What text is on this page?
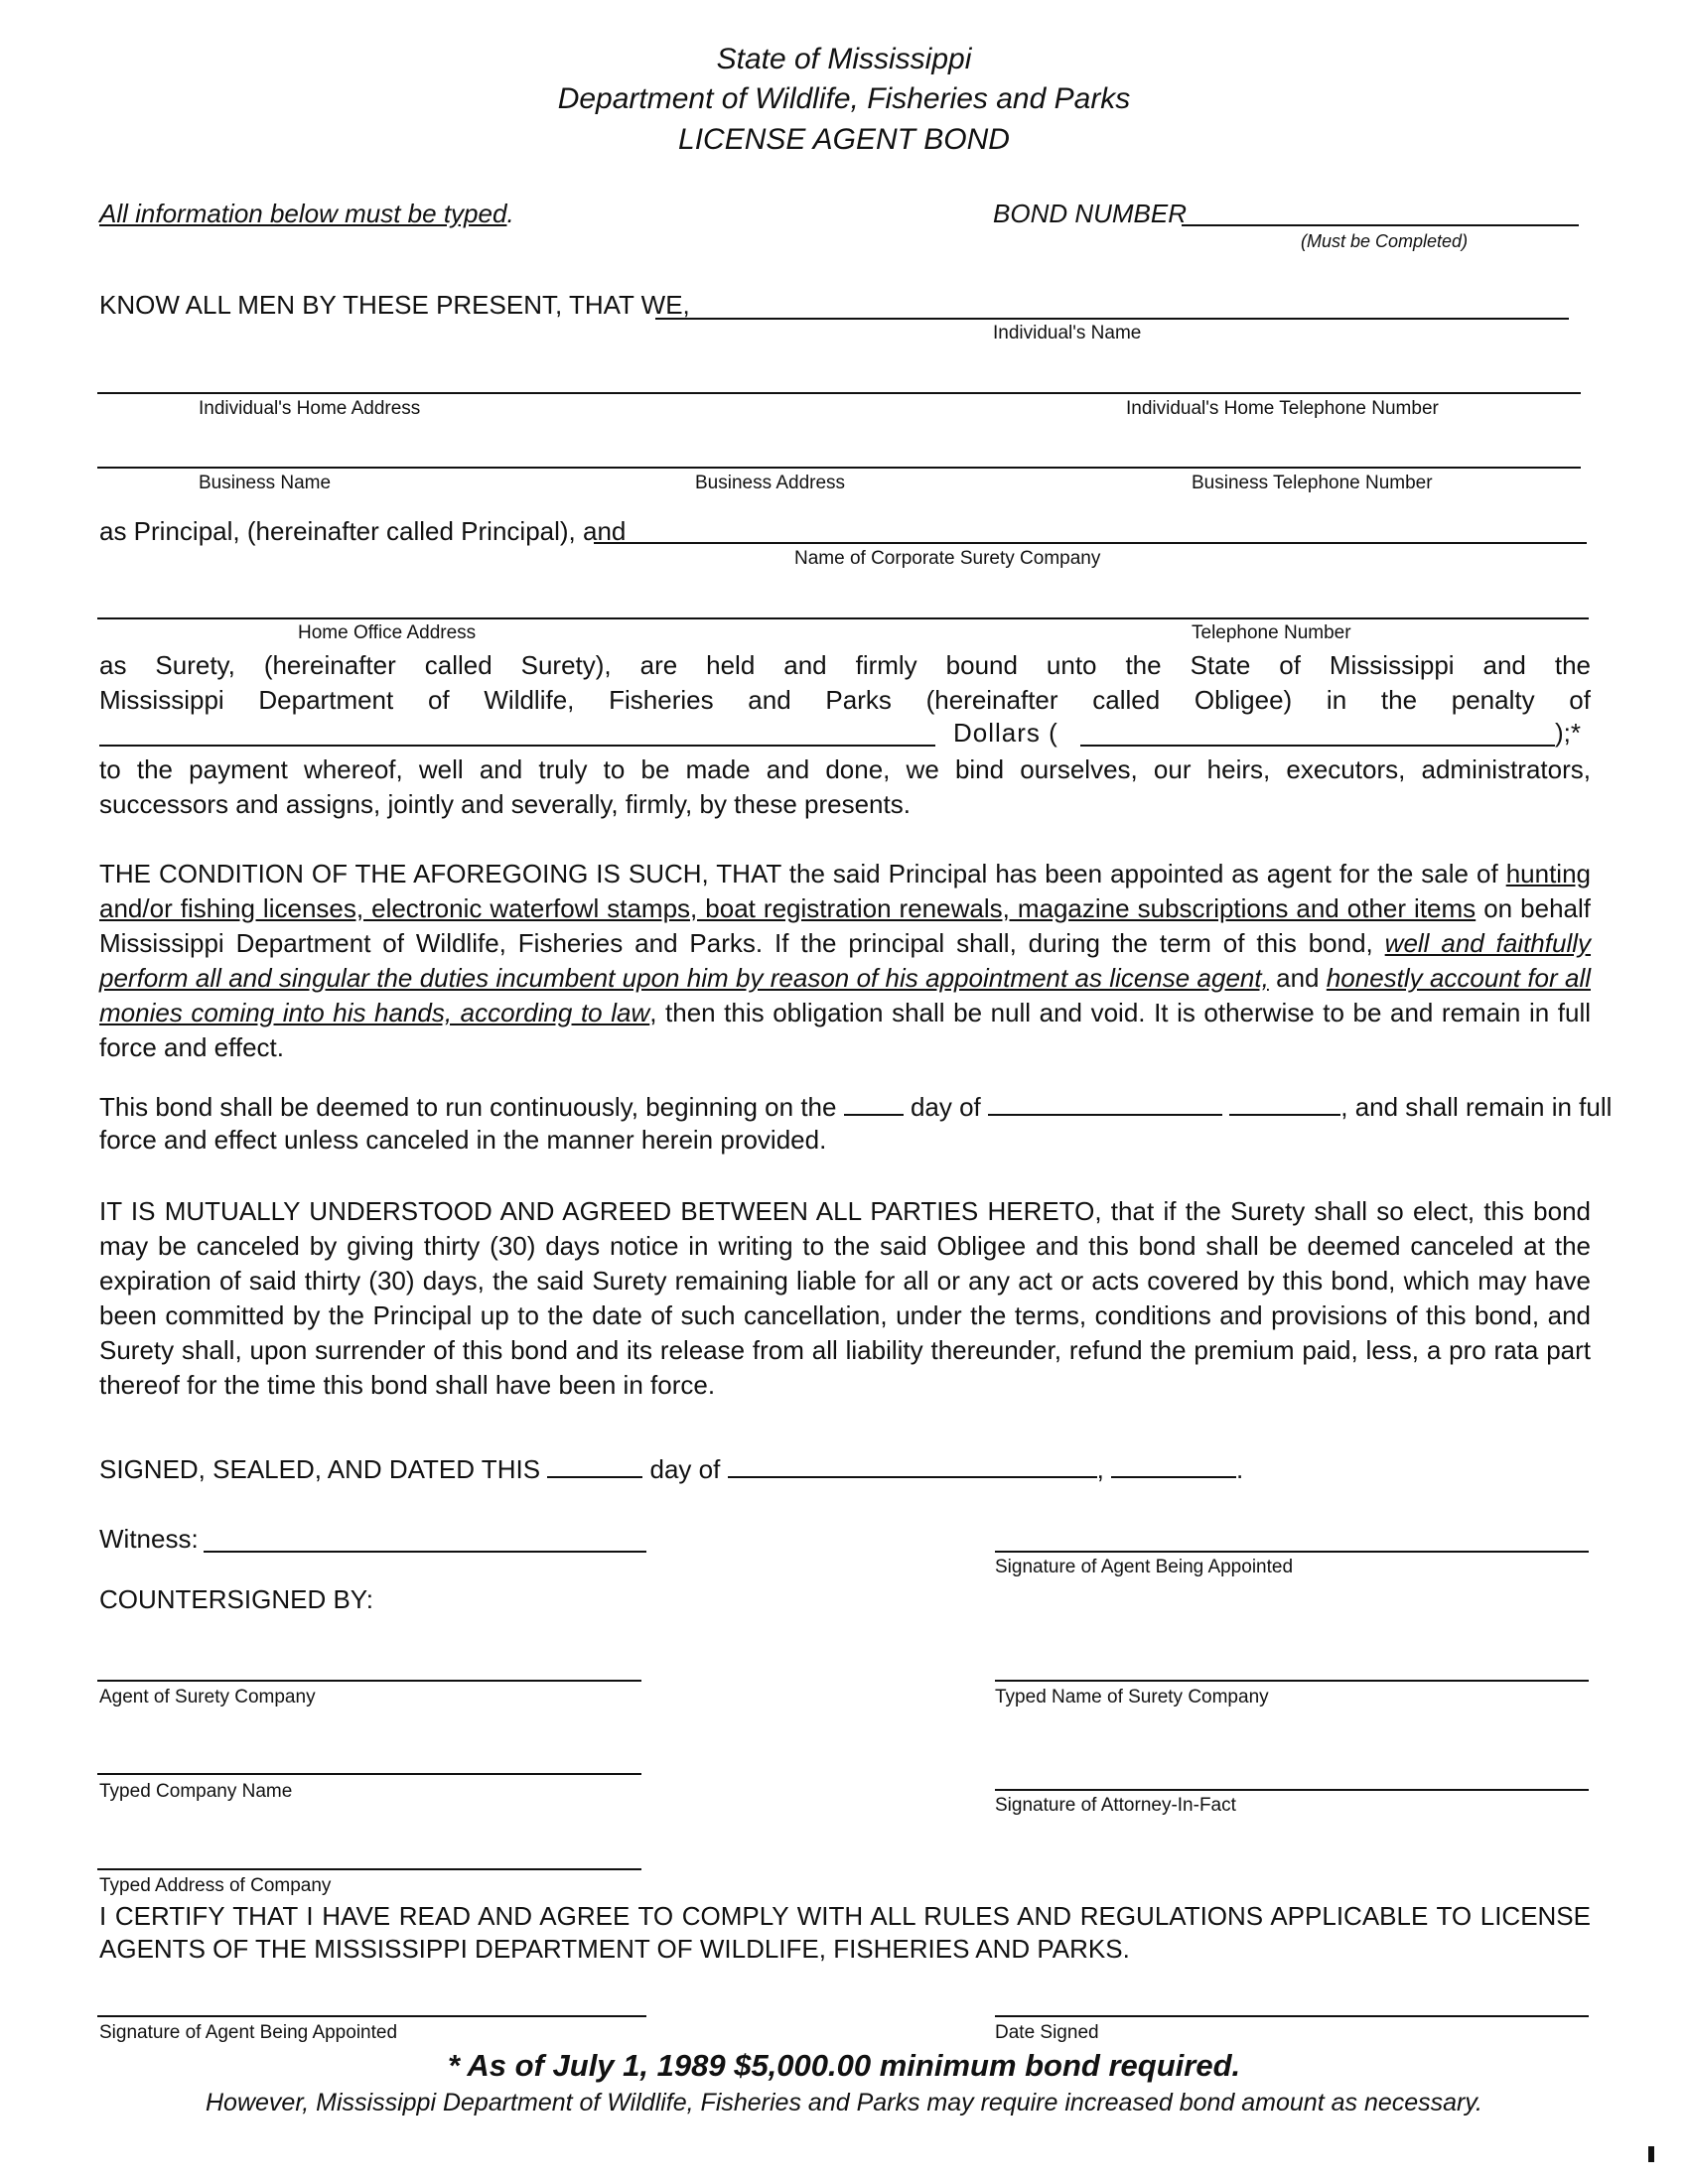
State of Mississippi
Department of Wildlife, Fisheries and Parks
LICENSE AGENT BOND
All information below must be typed.	BOND NUMBER
(Must be Completed)
KNOW ALL MEN BY THESE PRESENT, THAT WE,
Individual's Name
Individual's Home Address	Individual's Home Telephone Number
Business Name	Business Address	Business Telephone Number
as Principal, (hereinafter called Principal), and
Name of Corporate Surety Company
Home Office Address	Telephone Number
as Surety, (hereinafter called Surety), are held and firmly bound unto the State of Mississippi and the
Mississippi Department of Wildlife, Fisheries and Parks (hereinafter called Obligee) in the penalty of
Dollars (	);*
to the payment whereof, well and truly to be made and done, we bind ourselves, our heirs, executors, administrators,
successors and assigns, jointly and severally, firmly, by these presents.
THE CONDITION OF THE AFOREGOING IS SUCH, THAT the said Principal has been appointed as agent for the sale of hunting and/or fishing licenses, electronic waterfowl stamps, boat registration renewals, magazine subscriptions and other items on behalf Mississippi Department of Wildlife, Fisheries and Parks. If the principal shall, during the term of this bond, well and faithfully perform all and singular the duties incumbent upon him by reason of his appointment as license agent, and honestly account for all monies coming into his hands, according to law, then this obligation shall be null and void. It is otherwise to be and remain in full force and effect.
This bond shall be deemed to run continuously, beginning on the	day of	, and shall remain in full
force and effect unless canceled in the manner herein provided.
IT IS MUTUALLY UNDERSTOOD AND AGREED BETWEEN ALL PARTIES HERETO, that if the Surety shall so elect, this bond may be canceled by giving thirty (30) days notice in writing to the said Obligee and this bond shall be deemed canceled at the expiration of said thirty (30) days, the said Surety remaining liable for all or any act or acts covered by this bond, which may have been committed by the Principal up to the date of such cancellation, under the terms, conditions and provisions of this bond, and Surety shall, upon surrender of this bond and its release from all liability thereunder, refund the premium paid, less, a pro rata part thereof for the time this bond shall have been in force.
SIGNED, SEALED, AND DATED THIS	day of	,	.
Witness:
Signature of Agent Being Appointed
COUNTERSIGNED BY:
Agent of Surety Company	Typed Name of Surety Company
Typed Company Name
Signature of Attorney-In-Fact
Typed Address of Company
I CERTIFY THAT I HAVE READ AND AGREE TO COMPLY WITH ALL RULES AND REGULATIONS APPLICABLE TO LICENSE
AGENTS OF THE MISSISSIPPI DEPARTMENT OF WILDLIFE, FISHERIES AND PARKS.
Signature of Agent Being Appointed	Date Signed
* As of July 1, 1989 $5,000.00 minimum bond required.
However, Mississippi Department of Wildlife, Fisheries and Parks may require increased bond amount as necessary.
